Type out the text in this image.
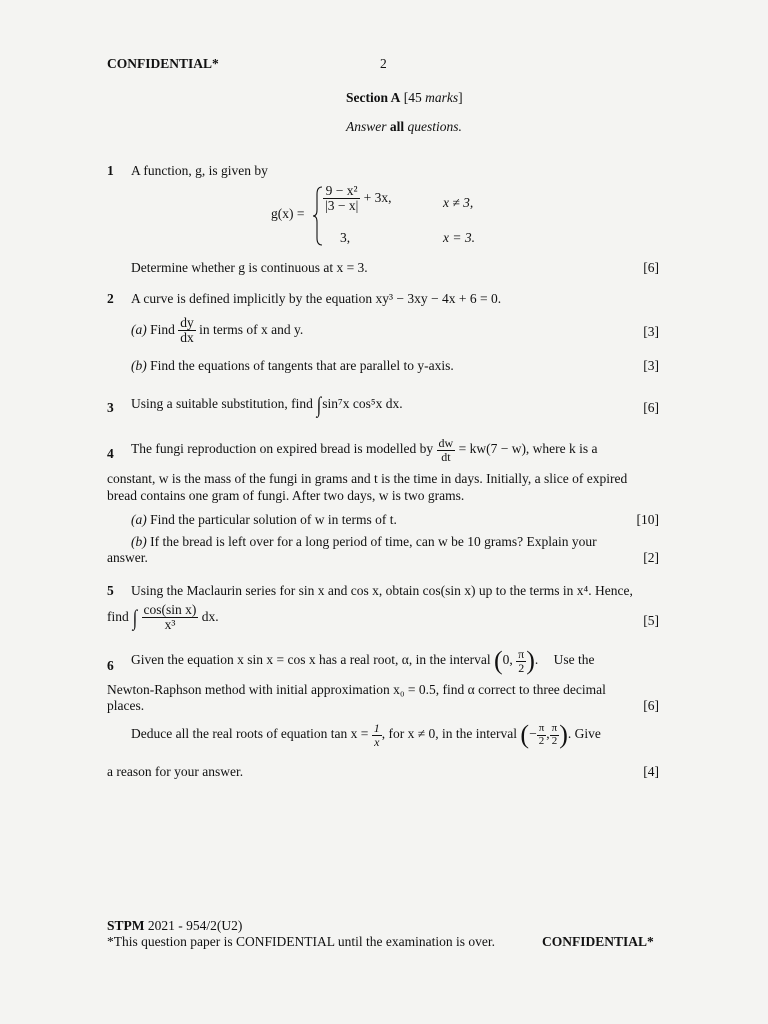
CONFIDENTIAL*	2
Section A [45 marks]
Answer all questions.
1 A function, g, is given by
g(x) =
$\frac{\text{9 − x²}}{|3 - x|} + 3x$,	x ≠ 3,
3,	x = 3.
Determine whether g is continuous at x = 3.	[6]
2 A curve is defined implicitly by the equation xy³ − 3xy − 4x + 6 = 0.
(a) Find $\frac{dy}{dx}$ in terms of x and y.	[3]
(b) Find the equations of tangents that are parallel to y-axis.	[3]
3 Using a suitable substitution, find ∫sin⁷x cos⁵x dx.	[6]
4 The fungi reproduction on expired bread is modelled by $\frac{dw}{dt} = kw(7 - w)$, where k is a
constant, w is the mass of the fungi in grams and t is the time in days. Initially, a slice of expired
bread contains one gram of fungi. After two days, w is two grams.
(a) Find the particular solution of w in terms of t.	[10]
(b) If the bread is left over for a long period of time, can w be 10 grams? Explain your
answer.	[2]
5 Using the Maclaurin series for sin x and cos x, obtain cos(sin x) up to the terms in x⁴. Hence,
find ∫ $\frac{\text{cos(sin x)}}{\text{x³}}$ dx.	[5]
6 Given the equation x sin x = cos x has a real root, α, in the interval (0, $\frac{\pi}{2}$ ). Use the
Newton-Raphson method with initial approximation x₀ = 0.5, find α correct to three decimal
places.	[6]
Deduce all the real roots of equation $\tan x = \frac{1}{x}$ , for x ≠ 0, in the interval (− $\frac{\pi}{2}$ , $\frac{\pi}{2}$ ). Give
a reason for your answer.	[4]
STPM 2021 - 954/2(U2)
*This question paper is CONFIDENTIAL until the examination is over.	CONFIDENTIAL*
